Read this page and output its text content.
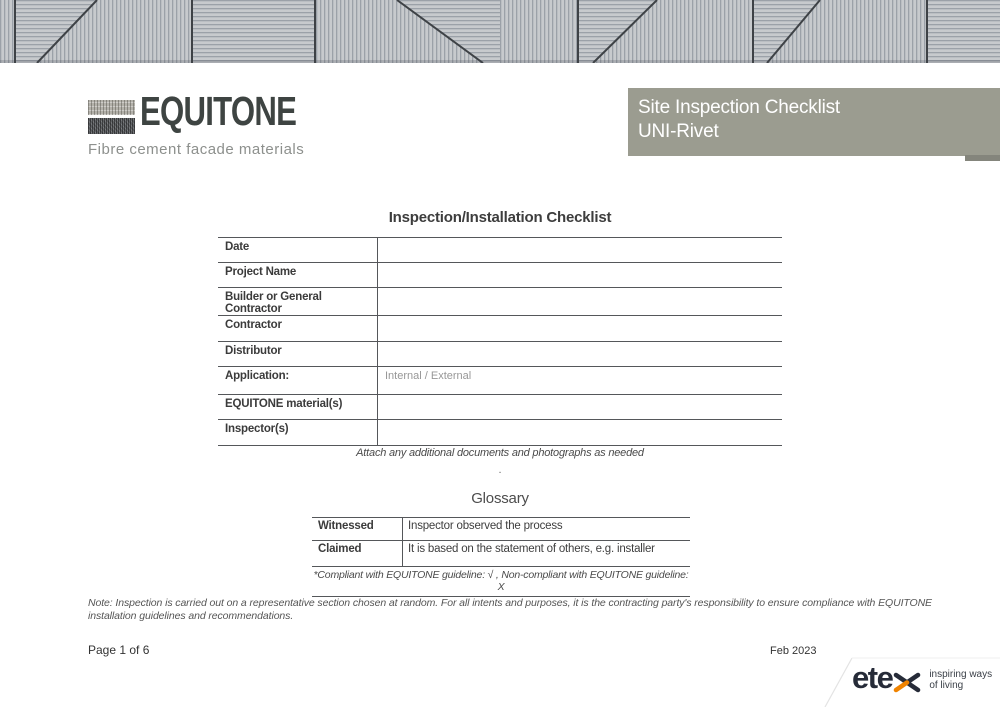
EQUITONE
Fibre cement facade materials
Site Inspection Checklist
UNI-Rivet
Inspection/Installation Checklist
Date
Project Name
Builder or General Contractor
Contractor
Distributor
Application:	Internal / External
EQUITONE material(s)
Inspector(s)
Attach any additional documents and photographs as needed
.
Glossary
Witnessed	Inspector observed the process
Claimed	It is based on the statement of others, e.g. installer
*Compliant with EQUITONE guideline: √ , Non-compliant with EQUITONE guideline: X
Note: Inspection is carried out on a representative section chosen at random. For all intents and purposes, it is the contracting party's responsibility to ensure compliance with EQUITONE installation guidelines and recommendations.
Page 1 of 6	Feb 2023
ete	inspiring ways
of living
